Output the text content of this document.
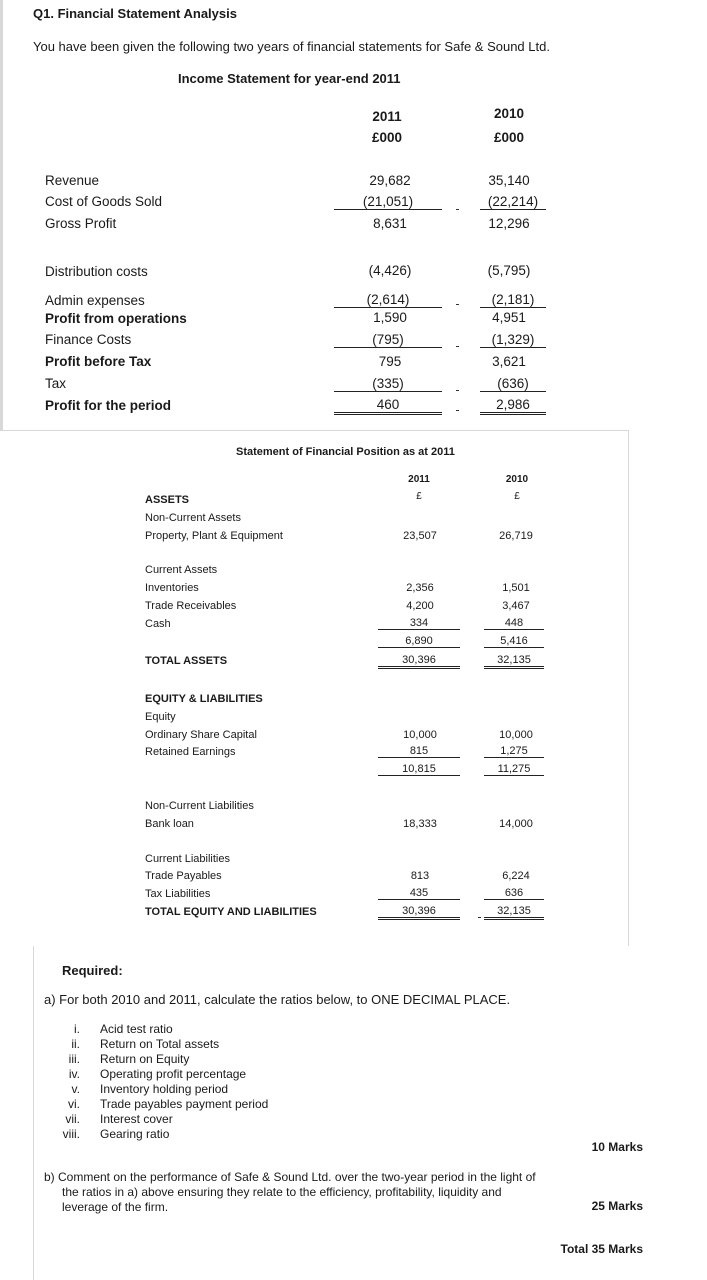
Q1. Financial Statement Analysis
You have been given the following two years of financial statements for Safe & Sound Ltd.
Income Statement for year-end 2011
2011	2010
£000	£000
Revenue	29,682	35,140
Cost of Goods Sold	(21,051)	(22,214)
Gross Profit	8,631	12,296
Distribution costs	(4,426)	(5,795)
Admin expenses	(2,614)	(2,181)
Profit from operations	1,590	4,951
Finance Costs	(795)	(1,329)
Profit before Tax	795	3,621
Tax	(335)	(636)
Profit for the period	460	2,986
Statement of Financial Position as at 2011
2011	2010
£	£
ASSETS
Non-Current Assets
Property, Plant & Equipment	23,507	26,719
Current Assets
Inventories	2,356	1,501
Trade Receivables	4,200	3,467
Cash	334	448
6,890	5,416
TOTAL ASSETS	30,396	32,135
EQUITY & LIABILITIES
Equity
Ordinary Share Capital	10,000	10,000
Retained Earnings	815	1,275
10,815	11,275
Non-Current Liabilities
Bank loan	18,333	14,000
Current Liabilities
Trade Payables	813	6,224
Tax Liabilities	435	636
TOTAL EQUITY AND LIABILITIES	30,396	32,135
Required:
a) For both 2010 and 2011, calculate the ratios below, to ONE DECIMAL PLACE.
i. Acid test ratio
ii. Return on Total assets
iii. Return on Equity
iv. Operating profit percentage
v. Inventory holding period
vi. Trade payables payment period
vii. Interest cover
viii. Gearing ratio
10 Marks
b) Comment on the performance of Safe & Sound Ltd. over the two-year period in the light of
the ratios in a) above ensuring they relate to the efficiency, profitability, liquidity and
leverage of the firm.	25 Marks
Total 35 Marks
